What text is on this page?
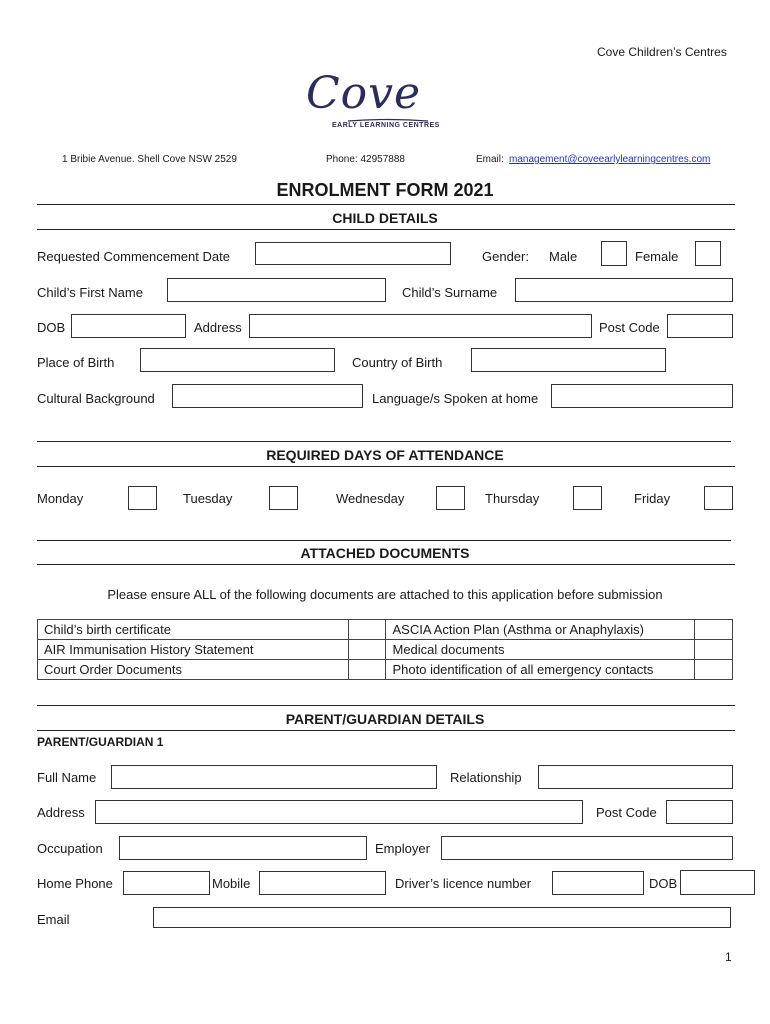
Cove Children’s Centres
Cove
EARLY LEARNING CENTRES
1 Bribie Avenue. Shell Cove NSW 2529	Phone: 42957888	Email: management@coveearlylearningcentres.com
ENROLMENT FORM 2021
CHILD DETAILS
Requested Commencement Date	Gender: Male	Female
Child’s First Name	Child’s Surname
DOB	Address	Post Code
Place of Birth	Country of Birth
Cultural Background	Language/s Spoken at home
REQUIRED DAYS OF ATTENDANCE
Monday	Tuesday	Wednesday	Thursday	Friday
ATTACHED DOCUMENTS
Please ensure ALL of the following documents are attached to this application before submission
Child’s birth certificate		ASCIA Action Plan (Asthma or Anaphylaxis)	
AIR Immunisation History Statement		Medical documents	
Court Order Documents		Photo identification of all emergency contacts	
PARENT/GUARDIAN DETAILS
PARENT/GUARDIAN 1
Full Name	Relationship
Address	Post Code
Occupation	Employer
Home Phone	Mobile	Driver’s licence number	DOB
Email
1
